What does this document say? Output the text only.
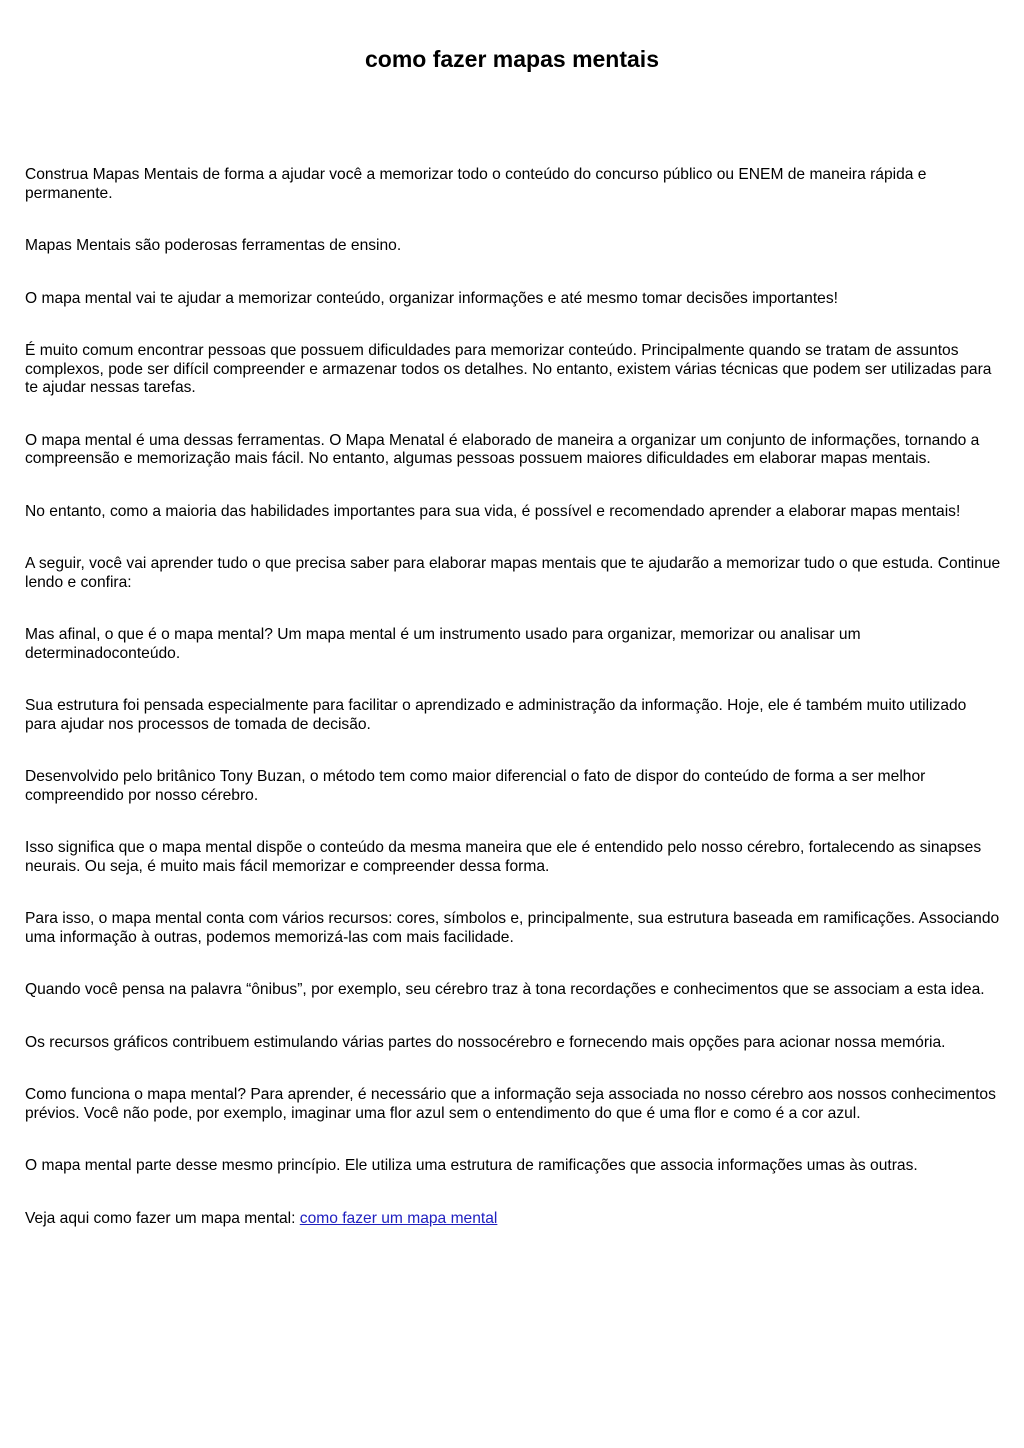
como fazer mapas mentais

Construa Mapas Mentais de forma a ajudar você a memorizar todo o conteúdo do concurso público ou ENEM de maneira rápida e permanente.

Mapas Mentais são poderosas ferramentas de ensino.

O mapa mental vai te ajudar a memorizar conteúdo, organizar informações e até mesmo tomar decisões importantes!

É muito comum encontrar pessoas que possuem dificuldades para memorizar conteúdo. Principalmente quando se tratam de assuntos complexos, pode ser difícil compreender e armazenar todos os detalhes. No entanto, existem várias técnicas que podem ser utilizadas para te ajudar nessas tarefas.

O mapa mental é uma dessas ferramentas. O Mapa Menatal é elaborado de maneira a organizar um conjunto de informações, tornando a compreensão e memorização mais fácil. No entanto, algumas pessoas possuem maiores dificuldades em elaborar mapas mentais.

No entanto, como a maioria das habilidades importantes para sua vida, é possível e recomendado aprender a elaborar mapas mentais!

A seguir, você vai aprender tudo o que precisa saber para elaborar mapas mentais que te ajudarão a memorizar tudo o que estuda. Continue lendo e confira:

Mas afinal, o que é o mapa mental? Um mapa mental é um instrumento usado para organizar, memorizar ou analisar um determinadoconteúdo.

Sua estrutura foi pensada especialmente para facilitar o aprendizado e administração da informação. Hoje, ele é também muito utilizado para ajudar nos processos de tomada de decisão.

Desenvolvido pelo britânico Tony Buzan, o método tem como maior diferencial o fato de dispor do conteúdo de forma a ser melhor compreendido por nosso cérebro.

Isso significa que o mapa mental dispõe o conteúdo da mesma maneira que ele é entendido pelo nosso cérebro, fortalecendo as sinapses neurais. Ou seja, é muito mais fácil memorizar e compreender dessa forma.

Para isso, o mapa mental conta com vários recursos: cores, símbolos e, principalmente, sua estrutura baseada em ramificações. Associando uma informação à outras, podemos memorizá-las com mais facilidade.

Quando você pensa na palavra “ônibus”, por exemplo, seu cérebro traz à tona recordações e conhecimentos que se associam a esta idea.

Os recursos gráficos contribuem estimulando várias partes do nossocérebro e fornecendo mais opções para acionar nossa memória.

Como funciona o mapa mental? Para aprender, é necessário que a informação seja associada no nosso cérebro aos nossos conhecimentos prévios. Você não pode, por exemplo, imaginar uma flor azul sem o entendimento do que é uma flor e como é a cor azul.

O mapa mental parte desse mesmo princípio. Ele utiliza uma estrutura de ramificações que associa informações umas às outras.

Veja aqui como fazer um mapa mental: como fazer um mapa mental
